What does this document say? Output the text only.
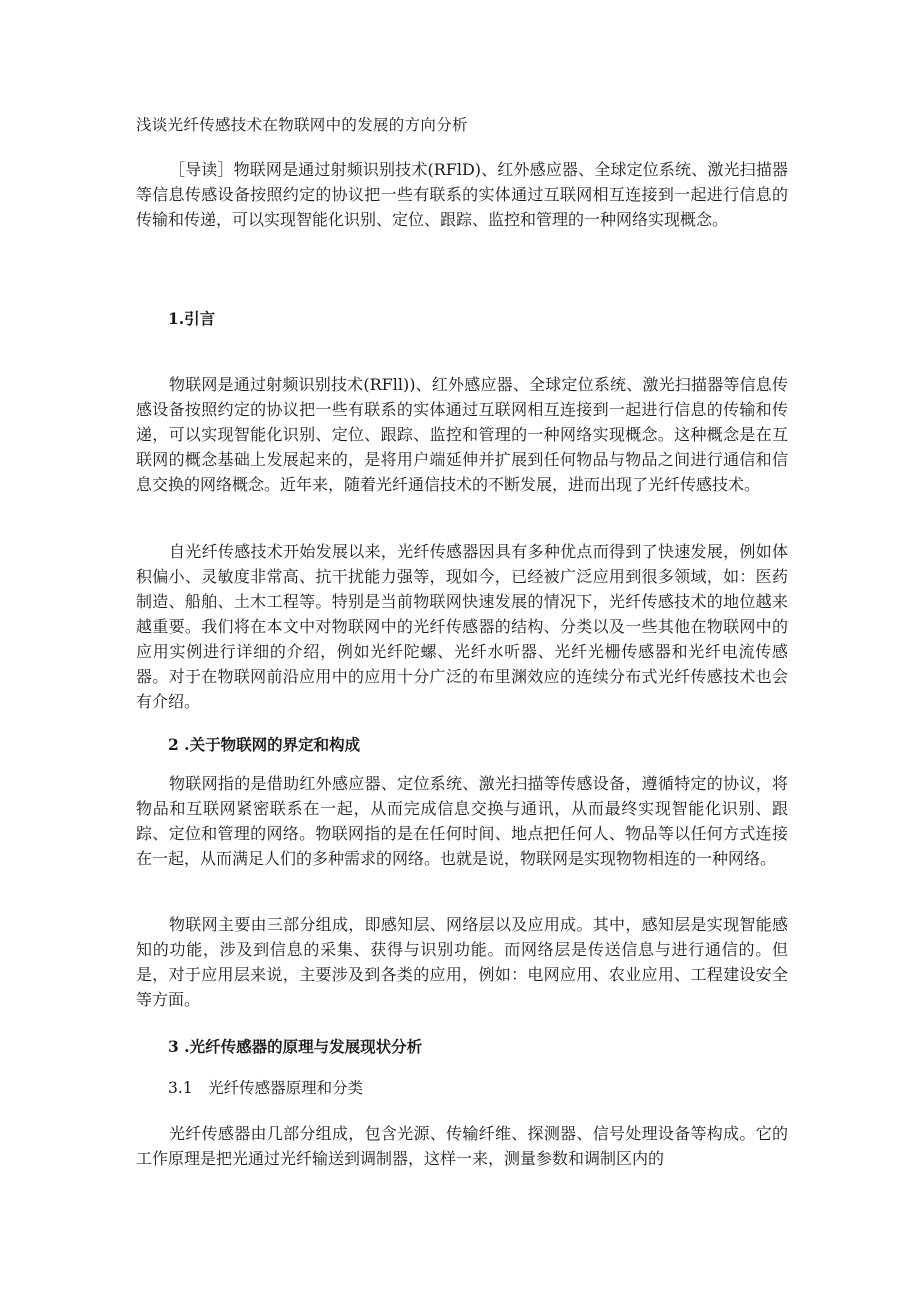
浅谈光纤传感技术在物联网中的发展的方向分析
［导读］物联网是通过射频识别技术(RFlD)、红外感应器、全球定位系统、激光扫描器等信息传感设备按照约定的协议把一些有联系的实体通过互联网相互连接到一起进行信息的传输和传递，可以实现智能化识别、定位、跟踪、监控和管理的一种网络实现概念。
1.引言
物联网是通过射频识别技术(RFll))、红外感应器、全球定位系统、激光扫描器等信息传感设备按照约定的协议把一些有联系的实体通过互联网相互连接到一起进行信息的传输和传递，可以实现智能化识别、定位、跟踪、监控和管理的一种网络实现概念。这种概念是在互联网的概念基础上发展起来的，是将用户端延伸并扩展到任何物品与物品之间进行通信和信息交换的网络概念。近年来，随着光纤通信技术的不断发展，进而出现了光纤传感技术。
自光纤传感技术开始发展以来，光纤传感器因具有多种优点而得到了快速发展，例如体积偏小、灵敏度非常高、抗干扰能力强等，现如今，已经被广泛应用到很多领域，如：医药制造、船舶、土木工程等。特别是当前物联网快速发展的情况下，光纤传感技术的地位越来越重要。我们将在本文中对物联网中的光纤传感器的结构、分类以及一些其他在物联网中的应用实例进行详细的介绍，例如光纤陀螺、光纤水听器、光纤光栅传感器和光纤电流传感器。对于在物联网前沿应用中的应用十分广泛的布里渊效应的连续分布式光纤传感技术也会有介绍。
2 .关于物联网的界定和构成
物联网指的是借助红外感应器、定位系统、激光扫描等传感设备，遵循特定的协议，将物品和互联网紧密联系在一起，从而完成信息交换与通讯，从而最终实现智能化识别、跟踪、定位和管理的网络。物联网指的是在任何时间、地点把任何人、物品等以任何方式连接在一起，从而满足人们的多种需求的网络。也就是说，物联网是实现物物相连的一种网络。
物联网主要由三部分组成，即感知层、网络层以及应用成。其中，感知层是实现智能感知的功能，涉及到信息的采集、获得与识别功能。而网络层是传送信息与进行通信的。但是，对于应用层来说，主要涉及到各类的应用，例如：电网应用、农业应用、工程建设安全等方面。
3 .光纤传感器的原理与发展现状分析
3.1　光纤传感器原理和分类
光纤传感器由几部分组成，包含光源、传输纤维、探测器、信号处理设备等构成。它的工作原理是把光通过光纤输送到调制器，这样一来，测量参数和调制区内的
